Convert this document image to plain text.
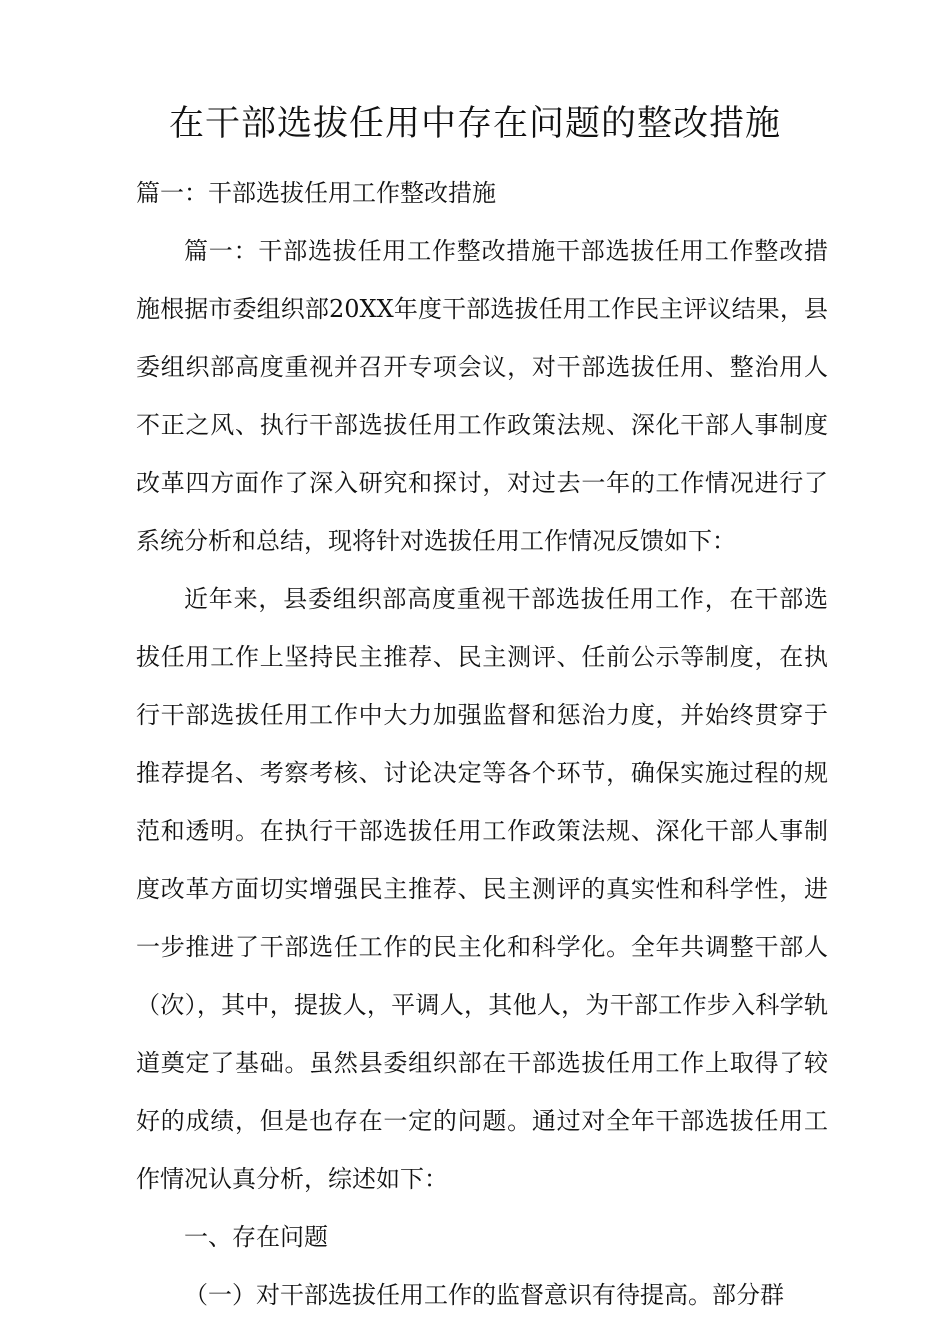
在干部选拔任用中存在问题的整改措施

篇一：干部选拔任用工作整改措施

篇一：干部选拔任用工作整改措施干部选拔任用工作整改措施根据市委组织部20XX年度干部选拔任用工作民主评议结果，县委组织部高度重视并召开专项会议，对干部选拔任用、整治用人不正之风、执行干部选拔任用工作政策法规、深化干部人事制度改革四方面作了深入研究和探讨，对过去一年的工作情况进行了系统分析和总结，现将针对选拔任用工作情况反馈如下：

近年来，县委组织部高度重视干部选拔任用工作，在干部选拔任用工作上坚持民主推荐、民主测评、任前公示等制度，在执行干部选拔任用工作中大力加强监督和惩治力度，并始终贯穿于推荐提名、考察考核、讨论决定等各个环节，确保实施过程的规范和透明。在执行干部选拔任用工作政策法规、深化干部人事制度改革方面切实增强民主推荐、民主测评的真实性和科学性，进一步推进了干部选任工作的民主化和科学化。全年共调整干部人（次），其中，提拔人，平调人，其他人，为干部工作步入科学轨道奠定了基础。虽然县委组织部在干部选拔任用工作上取得了较好的成绩，但是也存在一定的问题。通过对全年干部选拔任用工作情况认真分析，综述如下：

一、存在问题

（一）对干部选拔任用工作的监督意识有待提高。部分群
